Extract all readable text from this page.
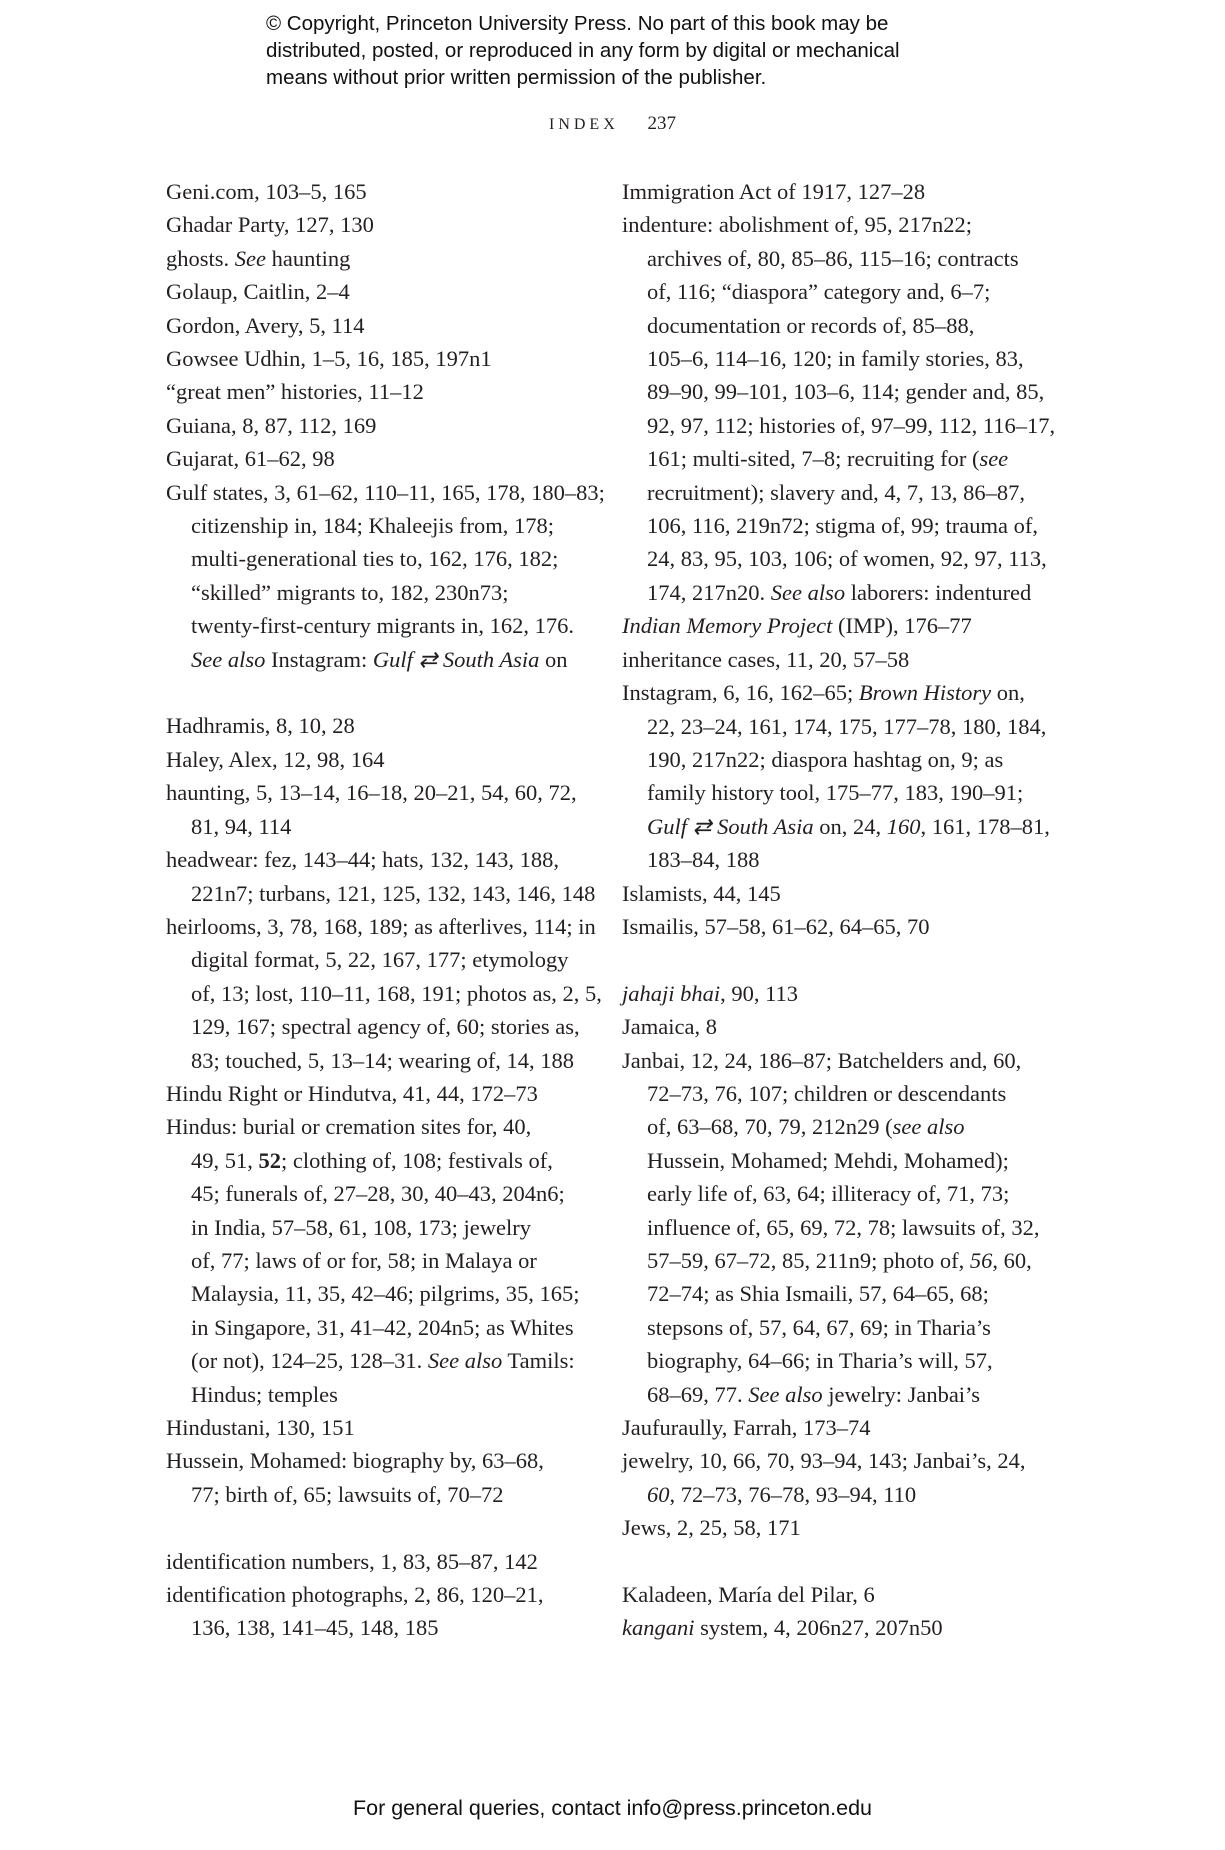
© Copyright, Princeton University Press. No part of this book may be
distributed, posted, or reproduced in any form by digital or mechanical
means without prior written permission of the publisher.
INDEX 237
Geni.com, 103–5, 165
Ghadar Party, 127, 130
ghosts. See haunting
Golaup, Caitlin, 2–4
Gordon, Avery, 5, 114
Gowsee Udhin, 1–5, 16, 185, 197n1
“great men” histories, 11–12
Guiana, 8, 87, 112, 169
Gujarat, 61–62, 98
Gulf states, 3, 61–62, 110–11, 165, 178, 180–83;
citizenship in, 184; Khaleejis from, 178;
multi-generational ties to, 162, 176, 182;
“skilled” migrants to, 182, 230n73;
twenty-first-century migrants in, 162, 176.
See also Instagram: Gulf ⇄ South Asia on
Hadhramis, 8, 10, 28
Haley, Alex, 12, 98, 164
haunting, 5, 13–14, 16–18, 20–21, 54, 60, 72,
81, 94, 114
headwear: fez, 143–44; hats, 132, 143, 188,
221n7; turbans, 121, 125, 132, 143, 146, 148
heirlooms, 3, 78, 168, 189; as afterlives, 114; in
digital format, 5, 22, 167, 177; etymology
of, 13; lost, 110–11, 168, 191; photos as, 2, 5,
129, 167; spectral agency of, 60; stories as,
83; touched, 5, 13–14; wearing of, 14, 188
Hindu Right or Hindutva, 41, 44, 172–73
Hindus: burial or cremation sites for, 40,
49, 51, 52; clothing of, 108; festivals of,
45; funerals of, 27–28, 30, 40–43, 204n6;
in India, 57–58, 61, 108, 173; jewelry
of, 77; laws of or for, 58; in Malaya or
Malaysia, 11, 35, 42–46; pilgrims, 35, 165;
in Singapore, 31, 41–42, 204n5; as Whites
(or not), 124–25, 128–31. See also Tamils:
Hindus; temples
Hindustani, 130, 151
Hussein, Mohamed: biography by, 63–68,
77; birth of, 65; lawsuits of, 70–72
identification numbers, 1, 83, 85–87, 142
identification photographs, 2, 86, 120–21,
136, 138, 141–45, 148, 185
Immigration Act of 1917, 127–28
indenture: abolishment of, 95, 217n22;
archives of, 80, 85–86, 115–16; contracts
of, 116; “diaspora” category and, 6–7;
documentation or records of, 85–88,
105–6, 114–16, 120; in family stories, 83,
89–90, 99–101, 103–6, 114; gender and, 85,
92, 97, 112; histories of, 97–99, 112, 116–17,
161; multi-sited, 7–8; recruiting for (see
recruitment); slavery and, 4, 7, 13, 86–87,
106, 116, 219n72; stigma of, 99; trauma of,
24, 83, 95, 103, 106; of women, 92, 97, 113,
174, 217n20. See also laborers: indentured
Indian Memory Project (IMP), 176–77
inheritance cases, 11, 20, 57–58
Instagram, 6, 16, 162–65; Brown History on,
22, 23–24, 161, 174, 175, 177–78, 180, 184,
190, 217n22; diaspora hashtag on, 9; as
family history tool, 175–77, 183, 190–91;
Gulf ⇄ South Asia on, 24, 160, 161, 178–81,
183–84, 188
Islamists, 44, 145
Ismailis, 57–58, 61–62, 64–65, 70
jahaji bhai, 90, 113
Jamaica, 8
Janbai, 12, 24, 186–87; Batchelders and, 60,
72–73, 76, 107; children or descendants
of, 63–68, 70, 79, 212n29 (see also
Hussein, Mohamed; Mehdi, Mohamed);
early life of, 63, 64; illiteracy of, 71, 73;
influence of, 65, 69, 72, 78; lawsuits of, 32,
57–59, 67–72, 85, 211n9; photo of, 56, 60,
72–74; as Shia Ismaili, 57, 64–65, 68;
stepsons of, 57, 64, 67, 69; in Tharia’s
biography, 64–66; in Tharia’s will, 57,
68–69, 77. See also jewelry: Janbai’s
Jaufuraully, Farrah, 173–74
jewelry, 10, 66, 70, 93–94, 143; Janbai’s, 24,
60, 72–73, 76–78, 93–94, 110
Jews, 2, 25, 58, 171
Kaladeen, María del Pilar, 6
kangani system, 4, 206n27, 207n50
For general queries, contact info@press.princeton.edu
